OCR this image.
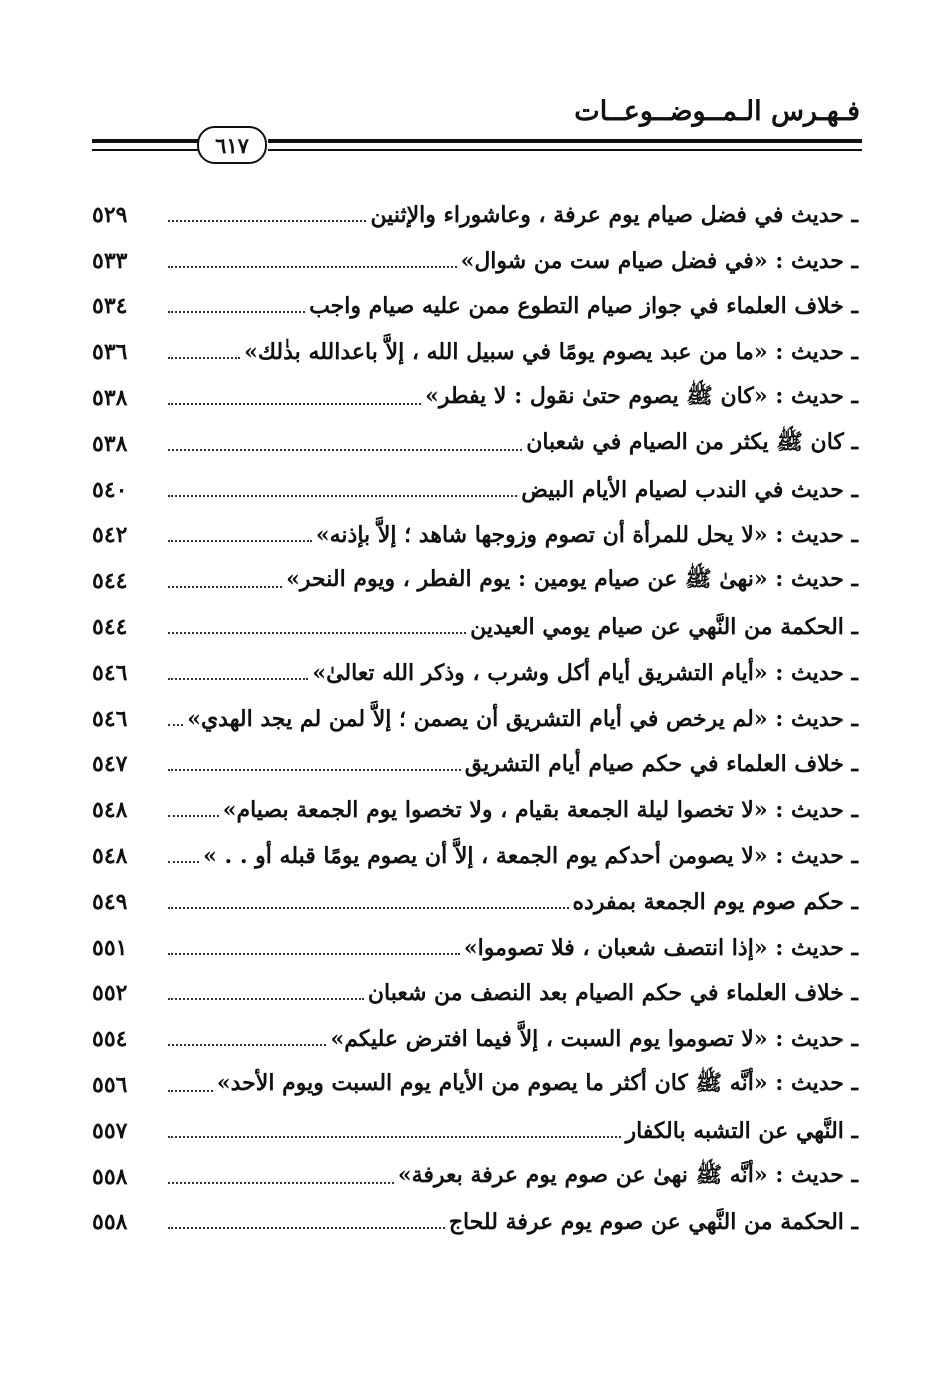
فـهـرس الـمــوضــوعــات
٦١٧
٥٢٩	ـ حديث في فضل صيام يوم عرفة ، وعاشوراء والإثنين
٥٣٣	ـ حديث : «في فضل صيام ست من شوال»
٥٣٤	ـ خلاف العلماء في جواز صيام التطوع ممن عليه صيام واجب
٥٣٦	ـ حديث : «ما من عبد يصوم يومًا في سبيل الله ، إلاَّ باعدالله بذٰلك»
٥٣٨	ـ حديث : «كان ﷺ يصوم حتىٰ نقول : لا يفطر»
٥٣٨	ـ كان ﷺ يكثر من الصيام في شعبان
٥٤٠	ـ حديث في الندب لصيام الأيام البيض
٥٤٢	ـ حديث : «لا يحل للمرأة أن تصوم وزوجها شاهد ؛ إلاَّ بإذنه»
٥٤٤	ـ حديث : «نهىٰ ﷺ عن صيام يومين : يوم الفطر ، ويوم النحر»
٥٤٤	ـ الحكمة من النَّهي عن صيام يومي العيدين
٥٤٦	ـ حديث : «أيام التشريق أيام أكل وشرب ، وذكر الله تعالىٰ»
٥٤٦	ـ حديث : «لم يرخص في أيام التشريق أن يصمن ؛ إلاَّ لمن لم يجد الهدي»
٥٤٧	ـ خلاف العلماء في حكم صيام أيام التشريق
٥٤٨	ـ حديث : «لا تخصوا ليلة الجمعة بقيام ، ولا تخصوا يوم الجمعة بصيام»
٥٤٨	ـ حديث : «لا يصومن أحدكم يوم الجمعة ، إلاَّ أن يصوم يومًا قبله أو . . »
٥٤٩	ـ حكم صوم يوم الجمعة بمفرده
٥٥١	ـ حديث : «إذا انتصف شعبان ، فلا تصوموا»
٥٥٢	ـ خلاف العلماء في حكم الصيام بعد النصف من شعبان
٥٥٤	ـ حديث : «لا تصوموا يوم السبت ، إلاَّ فيما افترض عليكم»
٥٥٦	ـ حديث : «أنَّه ﷺ كان أكثر ما يصوم من الأيام يوم السبت ويوم الأحد»
٥٥٧	ـ النَّهي عن التشبه بالكفار
٥٥٨	ـ حديث : «أنَّه ﷺ نهىٰ عن صوم يوم عرفة بعرفة»
٥٥٨	ـ الحكمة من النَّهي عن صوم يوم عرفة للحاج
